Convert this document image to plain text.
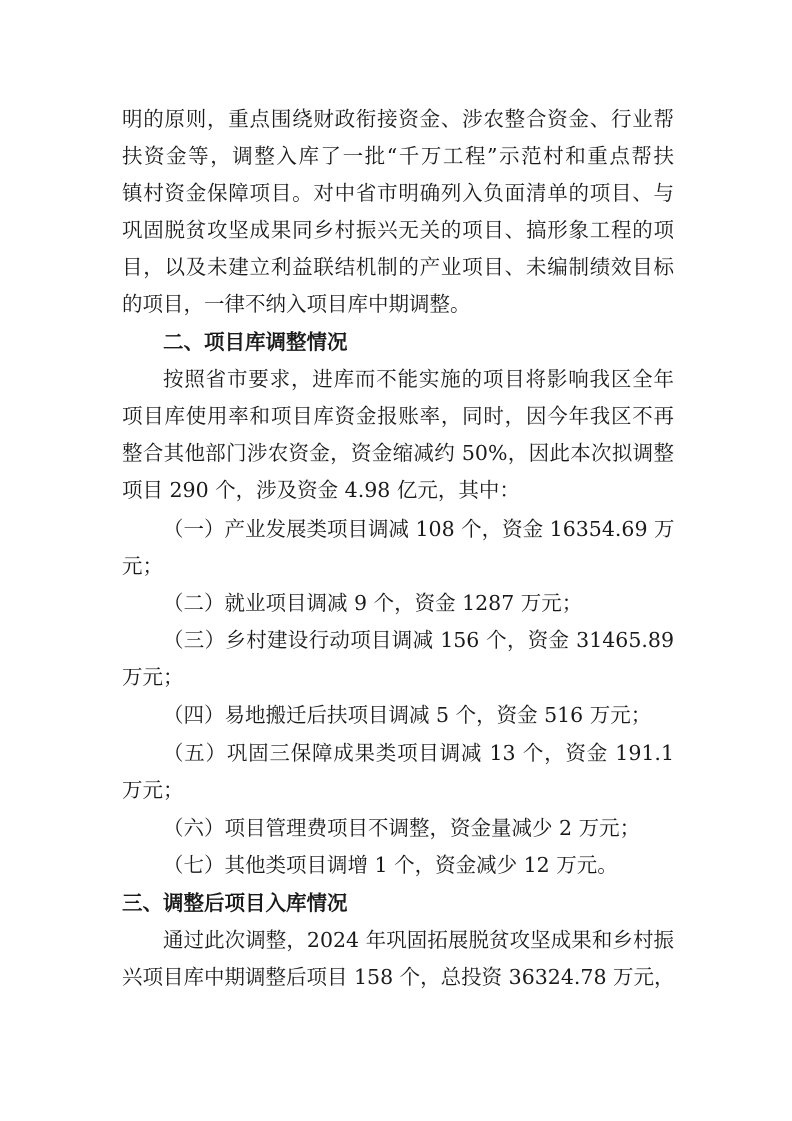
明的原则，重点围绕财政衔接资金、涉农整合资金、行业帮
扶资金等，调整入库了一批“千万工程”示范村和重点帮扶
镇村资金保障项目。对中省市明确列入负面清单的项目、与
巩固脱贫攻坚成果同乡村振兴无关的项目、搞形象工程的项
目，以及未建立利益联结机制的产业项目、未编制绩效目标
的项目，一律不纳入项目库中期调整。
二、项目库调整情况
按照省市要求，进库而不能实施的项目将影响我区全年
项目库使用率和项目库资金报账率，同时，因今年我区不再
整合其他部门涉农资金，资金缩减约 50%，因此本次拟调整
项目 290 个，涉及资金 4.98 亿元，其中：
（一）产业发展类项目调减 108 个，资金 16354.69 万
元；
（二）就业项目调减 9 个，资金 1287 万元；
（三）乡村建设行动项目调减 156 个，资金 31465.89
万元；
（四）易地搬迁后扶项目调减 5 个，资金 516 万元；
（五）巩固三保障成果类项目调减 13 个，资金 191.1
万元；
（六）项目管理费项目不调整，资金量减少 2 万元；
（七）其他类项目调增 1 个，资金减少 12 万元。
三、调整后项目入库情况
通过此次调整，2024 年巩固拓展脱贫攻坚成果和乡村振
兴项目库中期调整后项目 158 个，总投资 36324.78 万元，
